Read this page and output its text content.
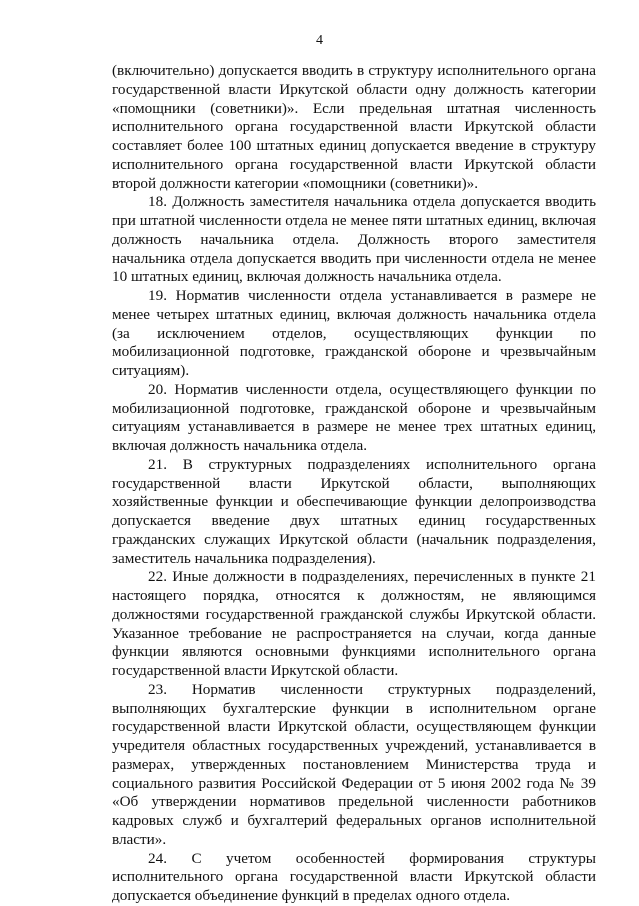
4

(включительно) допускается вводить в структуру исполнительного органа государственной власти Иркутской области одну должность категории «помощники (советники)». Если предельная штатная численность исполнительного органа государственной власти Иркутской области составляет более 100 штатных единиц допускается введение в структуру исполнительного органа государственной власти Иркутской области второй должности категории «помощники (советники)».

18. Должность заместителя начальника отдела допускается вводить при штатной численности отдела не менее пяти штатных единиц, включая должность начальника отдела. Должность второго заместителя начальника отдела допускается вводить при численности отдела не менее 10 штатных единиц, включая должность начальника отдела.

19. Норматив численности отдела устанавливается в размере не менее четырех штатных единиц, включая должность начальника отдела (за исключением отделов, осуществляющих функции по мобилизационной подготовке, гражданской обороне и чрезвычайным ситуациям).

20. Норматив численности отдела, осуществляющего функции по мобилизационной подготовке, гражданской обороне и чрезвычайным ситуациям устанавливается в размере не менее трех штатных единиц, включая должность начальника отдела.

21. В структурных подразделениях исполнительного органа государственной власти Иркутской области, выполняющих хозяйственные функции и обеспечивающие функции делопроизводства допускается введение двух штатных единиц государственных гражданских служащих Иркутской области (начальник подразделения, заместитель начальника подразделения).

22. Иные должности в подразделениях, перечисленных в пункте 21 настоящего порядка, относятся к должностям, не являющимся должностями государственной гражданской службы Иркутской области. Указанное требование не распространяется на случаи, когда данные функции являются основными функциями исполнительного органа государственной власти Иркутской области.

23. Норматив численности структурных подразделений, выполняющих бухгалтерские функции в исполнительном органе государственной власти Иркутской области, осуществляющем функции учредителя областных государственных учреждений, устанавливается в размерах, утвержденных постановлением Министерства труда и социального развития Российской Федерации от 5 июня 2002 года № 39 «Об утверждении нормативов предельной численности работников кадровых служб и бухгалтерий федеральных органов исполнительной власти».

24. С учетом особенностей формирования структуры исполнительного органа государственной власти Иркутской области допускается объединение функций в пределах одного отдела.
